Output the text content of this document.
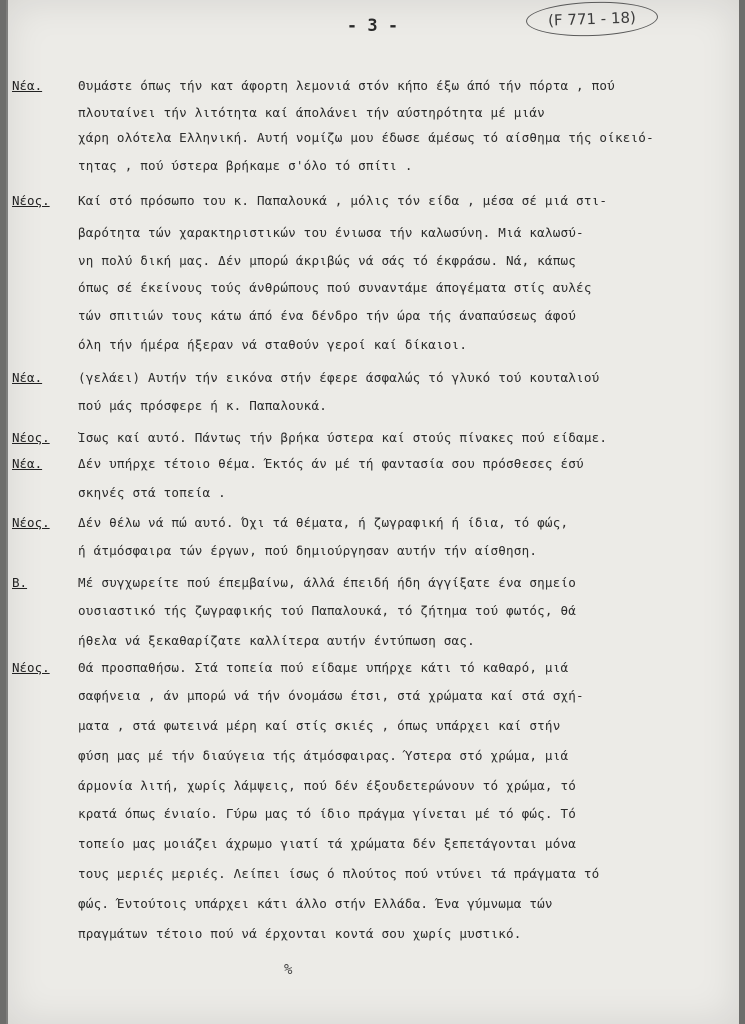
- 3 -	(F 771 - 18)
Νέα.
Νέος.
Νέα.
Νέος.
Νέα.
Νέος.
Β.
Νέος.
Θυμάστε όπως τήν κατ άφορτη λεμονιά στόν κήπο έξω άπό τήν πόρτα , πού
πλουταίνει τήν λιτότητα καί άπολάνει τήν αύστηρότητα μέ μιάν
χάρη ολότελα Ελληνική. Αυτή νομίζω μου έδωσε άμέσως τό αίσθημα τής οίκειό-
τητας , πού ύστερα βρήκαμε σ'όλο τό σπίτι .
Καί στό πρόσωπο του κ. Παπαλουκά , μόλις τόν είδα , μέσα σέ μιά στι-
βαρότητα τών χαρακτηριστικών του ένιωσα τήν καλωσύνη. Μιά καλωσύ-
νη πολύ δική μας. Δέν μπορώ άκριβώς νά σάς τό έκφράσω. Νά, κάπως
όπως σέ έκείνους τούς άνθρώπους πού συναντάμε άπογέματα στίς αυλές
τών σπιτιών τους κάτω άπό ένα δένδρο τήν ώρα τής άναπαύσεως άφού
όλη τήν ήμέρα ήξεραν νά σταθούν γεροί καί δίκαιοι.
(γελάει) Αυτήν τήν εικόνα στήν έφερε άσφαλώς τό γλυκό τού κουταλιού
πού μάς πρόσφερε ή κ. Παπαλουκά.
Ίσως καί αυτό. Πάντως τήν βρήκα ύστερα καί στούς πίνακες πού είδαμε.
Δέν υπήρχε τέτοιο θέμα. Έκτός άν μέ τή φαντασία σου πρόσθεσες έσύ
σκηνές στά τοπεία .
Δέν θέλω νά πώ αυτό. Όχι τά θέματα, ή ζωγραφική ή ίδια, τό φώς,
ή άτμόσφαιρα τών έργων, πού δημιούργησαν αυτήν τήν αίσθηση.
Μέ συγχωρείτε πού έπεμβαίνω, άλλά έπειδή ήδη άγγίξατε ένα σημείο
ουσιαστικό τής ζωγραφικής τού Παπαλουκά, τό ζήτημα τού φωτός, θά
ήθελα νά ξεκαθαρίζατε καλλίτερα αυτήν έντύπωση σας.
Θά προσπαθήσω. Στά τοπεία πού είδαμε υπήρχε κάτι τό καθαρό, μιά
σαφήνεια , άν μπορώ νά τήν όνομάσω έτσι, στά χρώματα καί στά σχή-
ματα , στά φωτεινά μέρη καί στίς σκιές , όπως υπάρχει καί στήν
φύση μας μέ τήν διαύγεια τής άτμόσφαιρας. Ύστερα στό χρώμα, μιά
άρμονία λιτή, χωρίς λάμψεις, πού δέν έξουδετερώνουν τό χρώμα, τό
κρατά όπως ένιαίο. Γύρω μας τό ίδιο πράγμα γίνεται μέ τό φώς. Τό
τοπείο μας μοιάζει άχρωμο γιατί τά χρώματα δέν ξεπετάγονται μόνα
τους μεριές μεριές. Λείπει ίσως ό πλούτος πού ντύνει τά πράγματα τό
φώς. Έντούτοις υπάρχει κάτι άλλο στήν Ελλάδα. Ένα γύμνωμα τών
πραγμάτων τέτοιο πού νά έρχονται κοντά σου χωρίς μυστικό.
%
